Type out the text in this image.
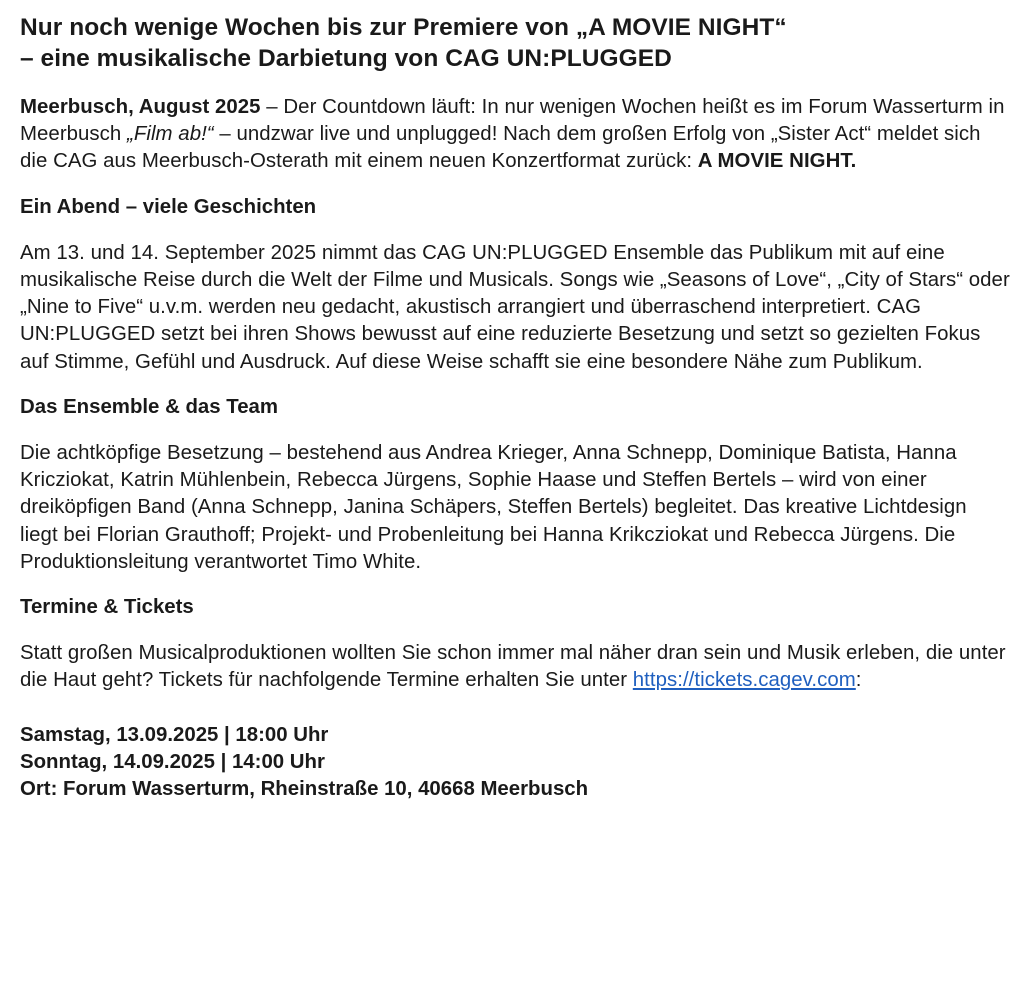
Nur noch wenige Wochen bis zur Premiere von „A MOVIE NIGHT“
– eine musikalische Darbietung von CAG UN:PLUGGED

Meerbusch, August 2025 – Der Countdown läuft: In nur wenigen Wochen heißt es im Forum Wasserturm in Meerbusch „Film ab!“ – undzwar live und unplugged! Nach dem großen Erfolg von „Sister Act“ meldet sich die CAG aus Meerbusch-Osterath mit einem neuen Konzertformat zurück: A MOVIE NIGHT.

Ein Abend – viele Geschichten

Am 13. und 14. September 2025 nimmt das CAG UN:PLUGGED Ensemble das Publikum mit auf eine musikalische Reise durch die Welt der Filme und Musicals. Songs wie „Seasons of Love“, „City of Stars“ oder „Nine to Five“ u.v.m. werden neu gedacht, akustisch arrangiert und überraschend interpretiert. CAG UN:PLUGGED setzt bei ihren Shows bewusst auf eine reduzierte Besetzung und setzt so gezielten Fokus auf Stimme, Gefühl und Ausdruck. Auf diese Weise schafft sie eine besondere Nähe zum Publikum.

Das Ensemble & das Team

Die achtköpfige Besetzung – bestehend aus Andrea Krieger, Anna Schnepp, Dominique Batista, Hanna Kricziokat, Katrin Mühlenbein, Rebecca Jürgens, Sophie Haase und Steffen Bertels – wird von einer dreiköpfigen Band (Anna Schnepp, Janina Schäpers, Steffen Bertels) begleitet. Das kreative Lichtdesign liegt bei Florian Grauthoff; Projekt- und Probenleitung bei Hanna Krikcziokat und Rebecca Jürgens. Die Produktionsleitung verantwortet Timo White.

Termine & Tickets

Statt großen Musicalproduktionen wollten Sie schon immer mal näher dran sein und Musik erleben, die unter die Haut geht? Tickets für nachfolgende Termine erhalten Sie unter https://tickets.cagev.com:

Samstag, 13.09.2025 | 18:00 Uhr
Sonntag, 14.09.2025 | 14:00 Uhr
Ort: Forum Wasserturm, Rheinstraße 10, 40668 Meerbusch
